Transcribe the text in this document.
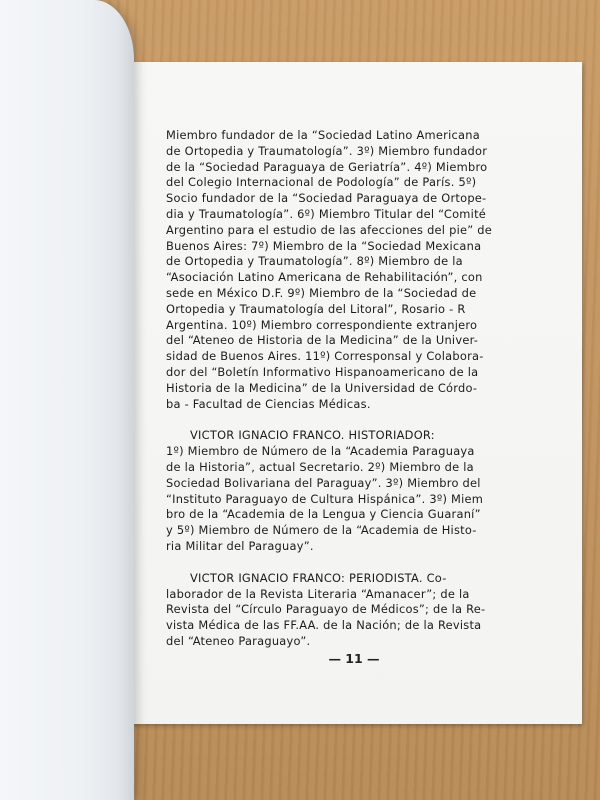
Miembro fundador de la “Sociedad Latino Americana
de Ortopedia y Traumatología”. 3º) Miembro fundador
de la “Sociedad Paraguaya de Geriatría”. 4º) Miembro
del Colegio Internacional de Podología” de París. 5º)
Socio fundador de la “Sociedad Paraguaya de Ortope-
dia y Traumatología”. 6º) Miembro Titular del “Comité
Argentino para el estudio de las afecciones del pie” de
Buenos Aires: 7º) Miembro de la “Sociedad Mexicana
de Ortopedia y Traumatología”. 8º) Miembro de la
“Asociación Latino Americana de Rehabilitación”, con
sede en México D.F. 9º) Miembro de la “Sociedad de
Ortopedia y Traumatología del Litoral”, Rosario - R
Argentina. 10º) Miembro correspondiente extranjero
del “Ateneo de Historia de la Medicina” de la Univer-
sidad de Buenos Aires. 11º) Corresponsal y Colabora-
dor del “Boletín Informativo Hispanoamericano de la
Historia de la Medicina” de la Universidad de Córdo-
ba - Facultad de Ciencias Médicas.
VICTOR IGNACIO FRANCO. HISTORIADOR:
1º) Miembro de Número de la “Academia Paraguaya
de la Historia”, actual Secretario. 2º) Miembro de la
Sociedad Bolivariana del Paraguay”. 3º) Miembro del
“Instituto Paraguayo de Cultura Hispánica”. 3º) Miem
bro de la “Academia de la Lengua y Ciencia Guaraní”
y 5º) Miembro de Número de la “Academia de Histo-
ria Militar del Paraguay”.
VICTOR IGNACIO FRANCO: PERIODISTA. Co-
laborador de la Revista Literaria “Amanacer”; de la
Revista del “Círculo Paraguayo de Médicos”; de la Re-
vista Médica de las FF.AA. de la Nación; de la Revista
del “Ateneo Paraguayo”.
— 11 —
